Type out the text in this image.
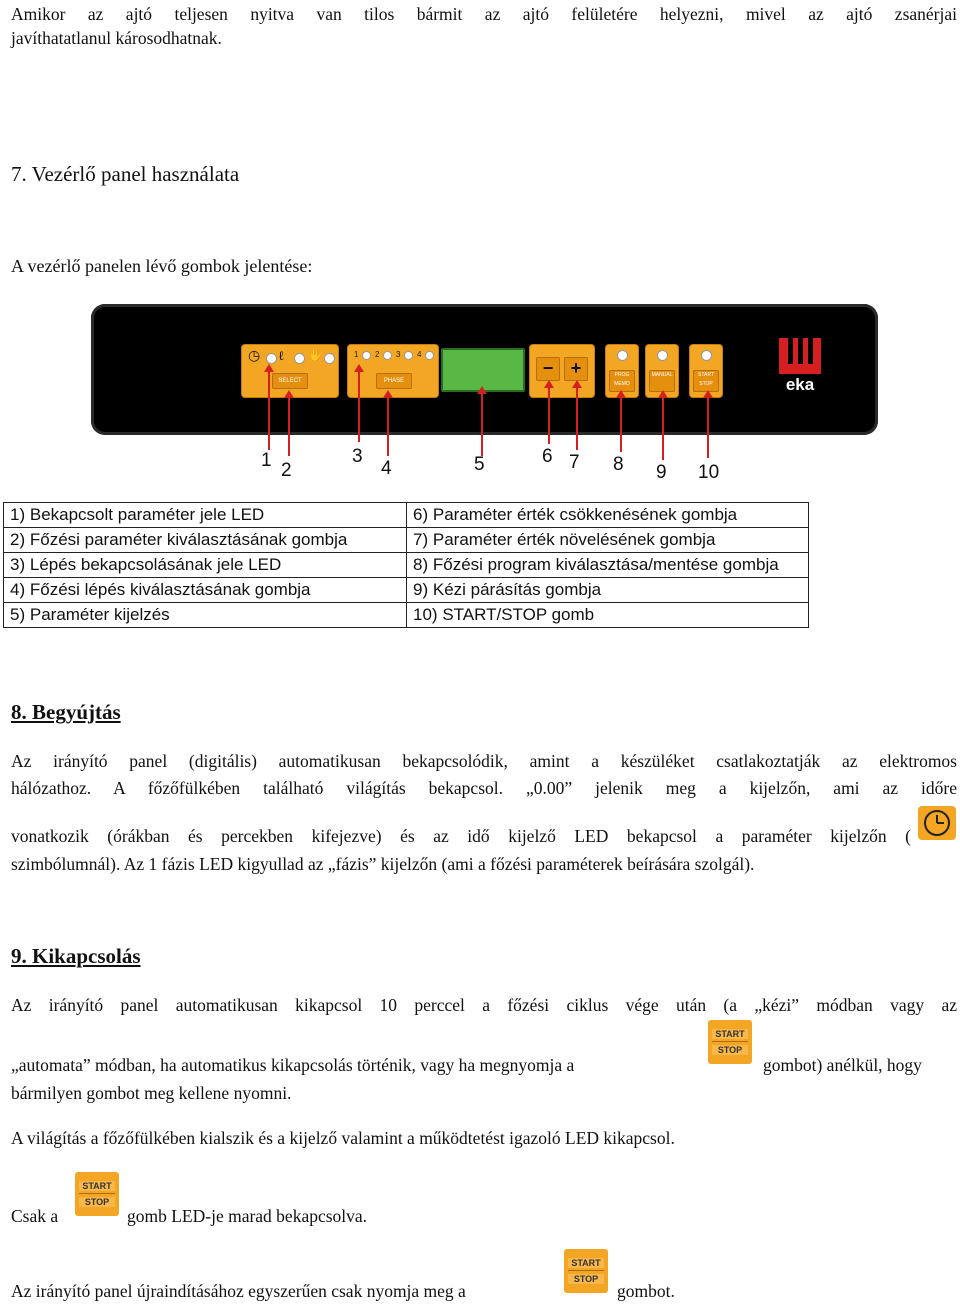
Amikor az ajtó teljesen nyitva van tilos bármit az ajtó felületére helyezni, mivel az ajtó zsanérjai

javíthatatlanul károsodhatnak.

7. Vezérlő panel használata
A vezérlő panelen lévő gombok jelentése:
◷ ℓ ✋
SELECT
1 2 3 4
PHASE
− +	PROG
MEMO
MANUAL	START
STOP	eka
1 2
3
4	5	6 7 8 9 10
1) Bekapcsolt paraméter jele LED	6) Paraméter érték csökkenésének gombja
2) Főzési paraméter kiválasztásának gombja	7) Paraméter érték növelésének gombja
3) Lépés bekapcsolásának jele LED	8) Főzési program kiválasztása/mentése gombja
4) Főzési lépés kiválasztásának gombja	9) Kézi párásítás gombja
5) Paraméter kijelzés	10) START/STOP gomb
8. Begyújtás

Az irányító panel (digitális) automatikusan bekapcsolódik, amint a készüléket csatlakoztatják az elektromos

hálózathoz. A főzőfülkében található világítás bekapcsol. „0.00” jelenik meg a kijelzőn, ami az időre

vonatkozik (órákban és percekben kifejezve) és az idő kijelző LED bekapcsol a paraméter kijelzőn (

szimbólumnál). Az 1 fázis LED kigyullad az „fázis” kijelzőn (ami a főzési paraméterek beírására szolgál).

9. Kikapcsolás

Az irányító panel automatikusan kikapcsol 10 perccel a főzési ciklus vége után (a „kézi” módban vagy az

„automata” módban, ha automatikus kikapcsolás történik, vagy ha megnyomja a

START
STOP
gombot) anélkül, hogy

bármilyen gombot meg kellene nyomni.

A világítás a főzőfülkében kialszik és a kijelző valamint a működtetést igazoló LED kikapcsol.

Csak a
START
STOP
gomb LED-je marad bekapcsolva.
Az irányító panel újraindításához egyszerűen csak nyomja meg a
START
STOP
gombot.
